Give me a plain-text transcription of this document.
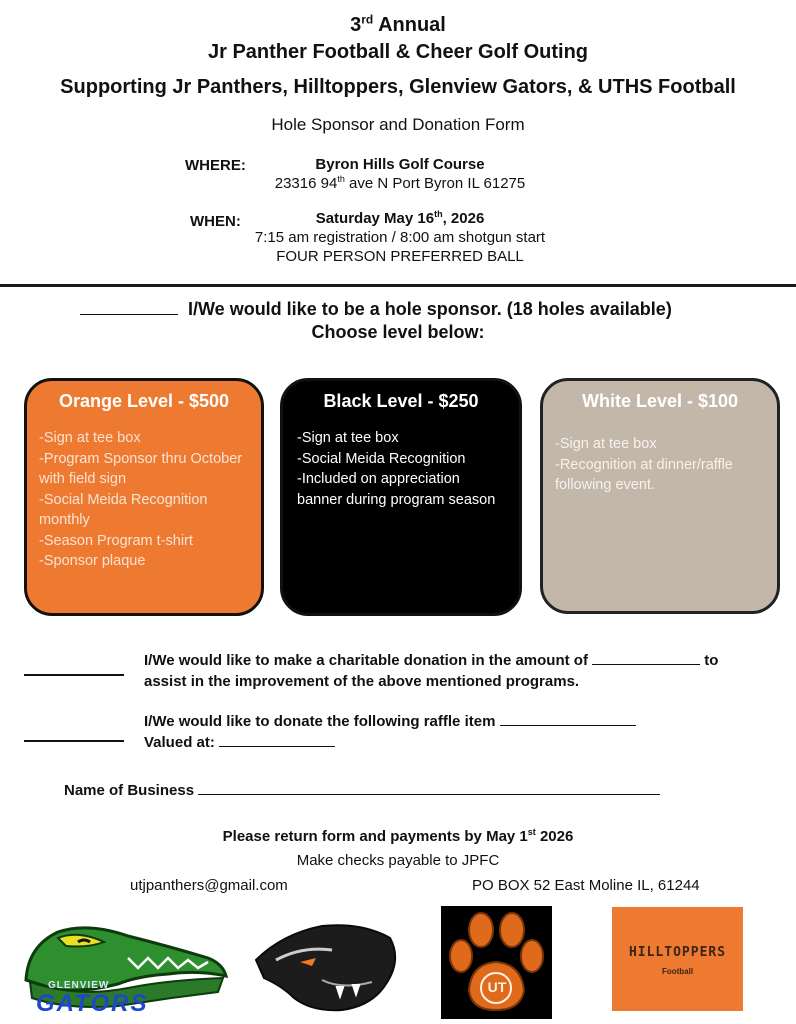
3rd Annual
Jr Panther Football & Cheer Golf Outing
Supporting Jr Panthers, Hilltoppers, Glenview Gators, & UTHS Football
Hole Sponsor and Donation Form
WHERE:	Byron Hills Golf Course
23316 94th ave N Port Byron IL 61275
WHEN:	Saturday May 16th, 2026
7:15 am registration / 8:00 am shotgun start
FOUR PERSON PREFERRED BALL
I/We would like to be a hole sponsor. (18 holes available)
Choose level below:
Orange Level - $500
-Sign at tee box
-Program Sponsor thru October
with field sign
-Social Meida Recognition
monthly
-Season Program t-shirt
-Sponsor plaque
Black Level - $250
-Sign at tee box
-Social Meida Recognition
-Included on appreciation
banner during program season
White Level - $100
-Sign at tee box
-Recognition at dinner/raffle
following event.
I/We would like to make a charitable donation in the amount of	to
assist in the improvement of the above mentioned programs.
I/We would like to donate the following raffle item
Valued at:
Name of Business
Please return form and payments by May 1st 2026
Make checks payable to JPFC
utjpanthers@gmail.com	PO BOX 52 East Moline IL, 61244
GLENVIEW
GATORS
UT
HILLTOPPERS
Football
